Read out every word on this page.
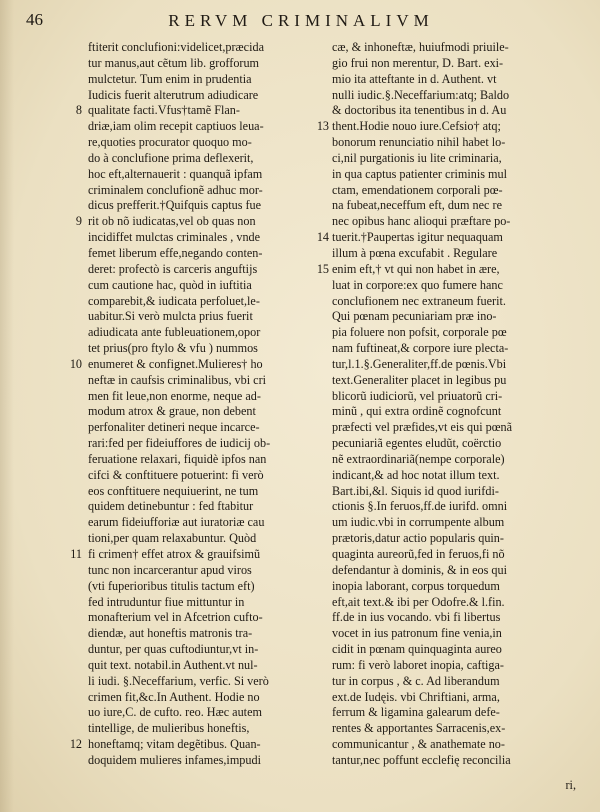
46	RERVM CRIMINALIVM
ftiterit conclufioni:videlicet,præcida
tur manus,aut cẽtum lib. grofforum
mulctetur. Tum enim in prudentia
Iudicis fuerit alterutrum adiudicare
qualitate facti.Vfus†tamẽ Flan-
driæ,iam olim recepit captiuos leua-
re,quoties procurator quoquo mo-
do à conclufione prima deflexerit,
hoc eft,alternauerit : quanquã ipfam
criminalem conclufionẽ adhuc mor-
dicus prefferit.†Quifquis captus fue
rit ob nõ iudicatas,vel ob quas non
incidiffet mulctas criminales , vnde
femet liberum effe,negando conten-
deret: profectò is carceris anguftijs
cum cautione hac, quòd in iuftitia
comparebit,& iudicata perfoluet,le-
uabitur.Si verò mulcta prius fuerit
adiudicata ante fubleuationem,opor
tet prius(pro ftylo & vfu ) nummos
enumeret & confignet.Mulieres† ho
neftæ in caufsis criminalibus, vbi cri
men fit leue,non enorme, neque ad-
modum atrox & graue, non debent
perfonaliter detineri neque incarce-
rari:fed per fideiuffores de iudicij ob-
feruatione relaxari, fiquidè ipfos nan
cifci & conftituere potuerint: fi verò
eos conftituere nequiuerint, ne tum
quidem detinebuntur : fed ftabitur
earum fideiufforiæ aut iuratoriæ cau
tioni,per quam relaxabuntur. Quòd
fi crimen† effet atrox & grauifsimũ
tunc non incarcerantur apud viros
(vti fuperioribus titulis tactum eft)
fed intruduntur fiue mittuntur in
monafterium vel in Afcetrion cufto-
diendæ, aut honeftis matronis tra-
duntur, per quas cuftodiuntur,vt in-
quit text. notabil.in Authent.vt nul-
li iudi. §.Neceffarium, verfic. Si verò
crimen fit,&c.In Authent. Hodie no
uo iure,C. de cufto. reo. Hæc autem
tintellige, de mulieribus honeftis,
honeftamq; vitam degẽtibus. Quan-
doquidem mulieres infames,impudi
cæ, & inhoneftæ, huiufmodi priuile-
gio frui non merentur, D. Bart. exi-
mio ita atteftante in d. Authent. vt
nulli iudic.§.Neceffarium:atq; Baldo
& doctoribus ita tenentibus in d. Au
thent.Hodie nouo iure.Cefsio† atq;
bonorum renunciatio nihil habet lo-
ci,nil purgationis iu lite criminaria,
in qua captus patienter criminis mul
ctam, emendationem corporali pœ-
na fubeat,neceffum eft, dum nec re
nec opibus hanc alioqui præftare po-
tuerit.†Paupertas igitur nequaquam
illum à pœna excufabit . Regulare
enim eft,† vt qui non habet in ære,
luat in corpore:ex quo fumere hanc
conclufionem nec extraneum fuerit.
Qui pœnam pecuniariam præ ino-
pia foluere non pofsit, corporale pœ
nam fuftineat,& corpore iure plecta-
tur,l.1.§.Generaliter,ff.de pœnis.Vbi
text.Generaliter placet in legibus pu
blicorũ iudiciorũ, vel priuatorũ cri-
minũ , qui extra ordinẽ cognofcunt
præfecti vel præfides,vt eis qui pœnã
pecuniariã egentes eludũt, coërctio
nẽ extraordinariã(nempe corporale)
indicant,& ad hoc notat illum text.
Bart.ibi,&l. Siquis id quod iurifdi-
ctionis §.In feruos,ff.de iurifd. omni
um iudic.vbi in corrumpente album
prætoris,datur actio popularis quin-
quaginta aureorũ,fed in feruos,fi nõ
defendantur à dominis, & in eos qui
inopia laborant, corpus torquedum
eft,ait text.& ibi per Odofre.& l.fin.
ff.de in ius vocando. vbi fi libertus
vocet in ius patronum fine venia,in
cidit in pœnam quinquaginta aureo
rum: fi verò laboret inopia, caftiga-
tur in corpus , & c. Ad liberandum
ext.de Iudęis. vbi Chriftiani, arma,
ferrum & ligamina galearum defe-
rentes & apportantes Sarracenis,ex-
communicantur , & anathemate no-
tantur,nec poffunt ecclefię reconcilia
8
9
10
11
12
13
14
15
ri,
